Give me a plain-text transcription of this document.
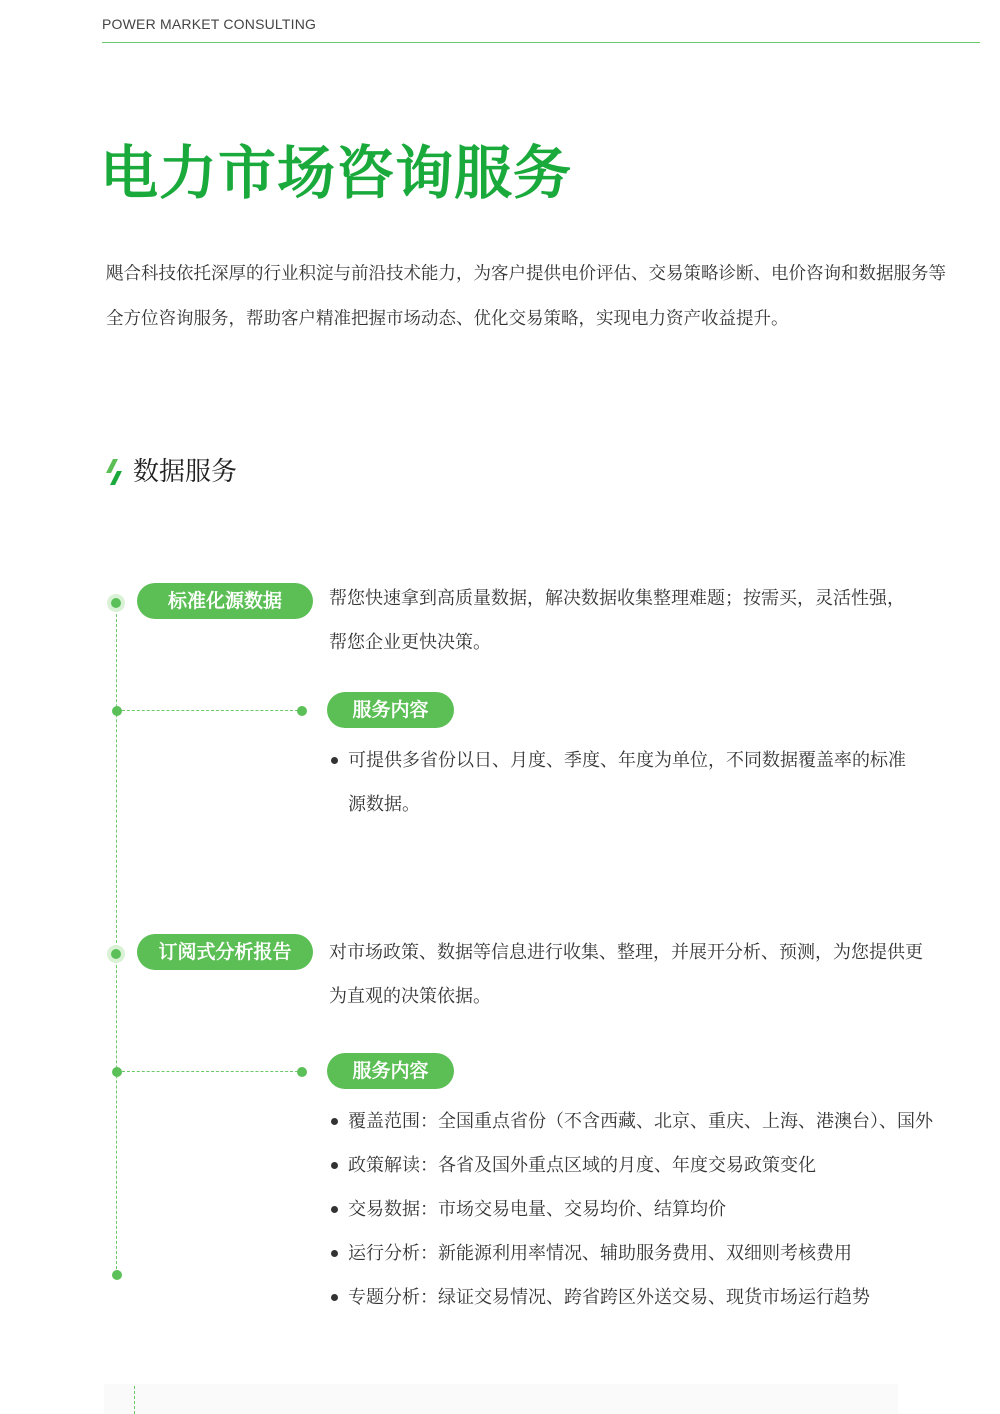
POWER MARKET CONSULTING
电力市场咨询服务
飓合科技依托深厚的行业积淀与前沿技术能力，为客户提供电价评估、交易策略诊断、电价咨询和数据服务等
全方位咨询服务，帮助客户精准把握市场动态、优化交易策略，实现电力资产收益提升。
数据服务
标准化源数据	帮您快速拿到高质量数据，解决数据收集整理难题；按需买，灵活性强，
帮您企业更快决策。
服务内容
可提供多省份以日、月度、季度、年度为单位，不同数据覆盖率的标准
源数据。
订阅式分析报告	对市场政策、数据等信息进行收集、整理，并展开分析、预测，为您提供更
为直观的决策依据。
服务内容
覆盖范围：全国重点省份（不含西藏、北京、重庆、上海、港澳台）、国外
政策解读：各省及国外重点区域的月度、年度交易政策变化
交易数据：市场交易电量、交易均价、结算均价
运行分析：新能源利用率情况、辅助服务费用、双细则考核费用
专题分析：绿证交易情况、跨省跨区外送交易、现货市场运行趋势
